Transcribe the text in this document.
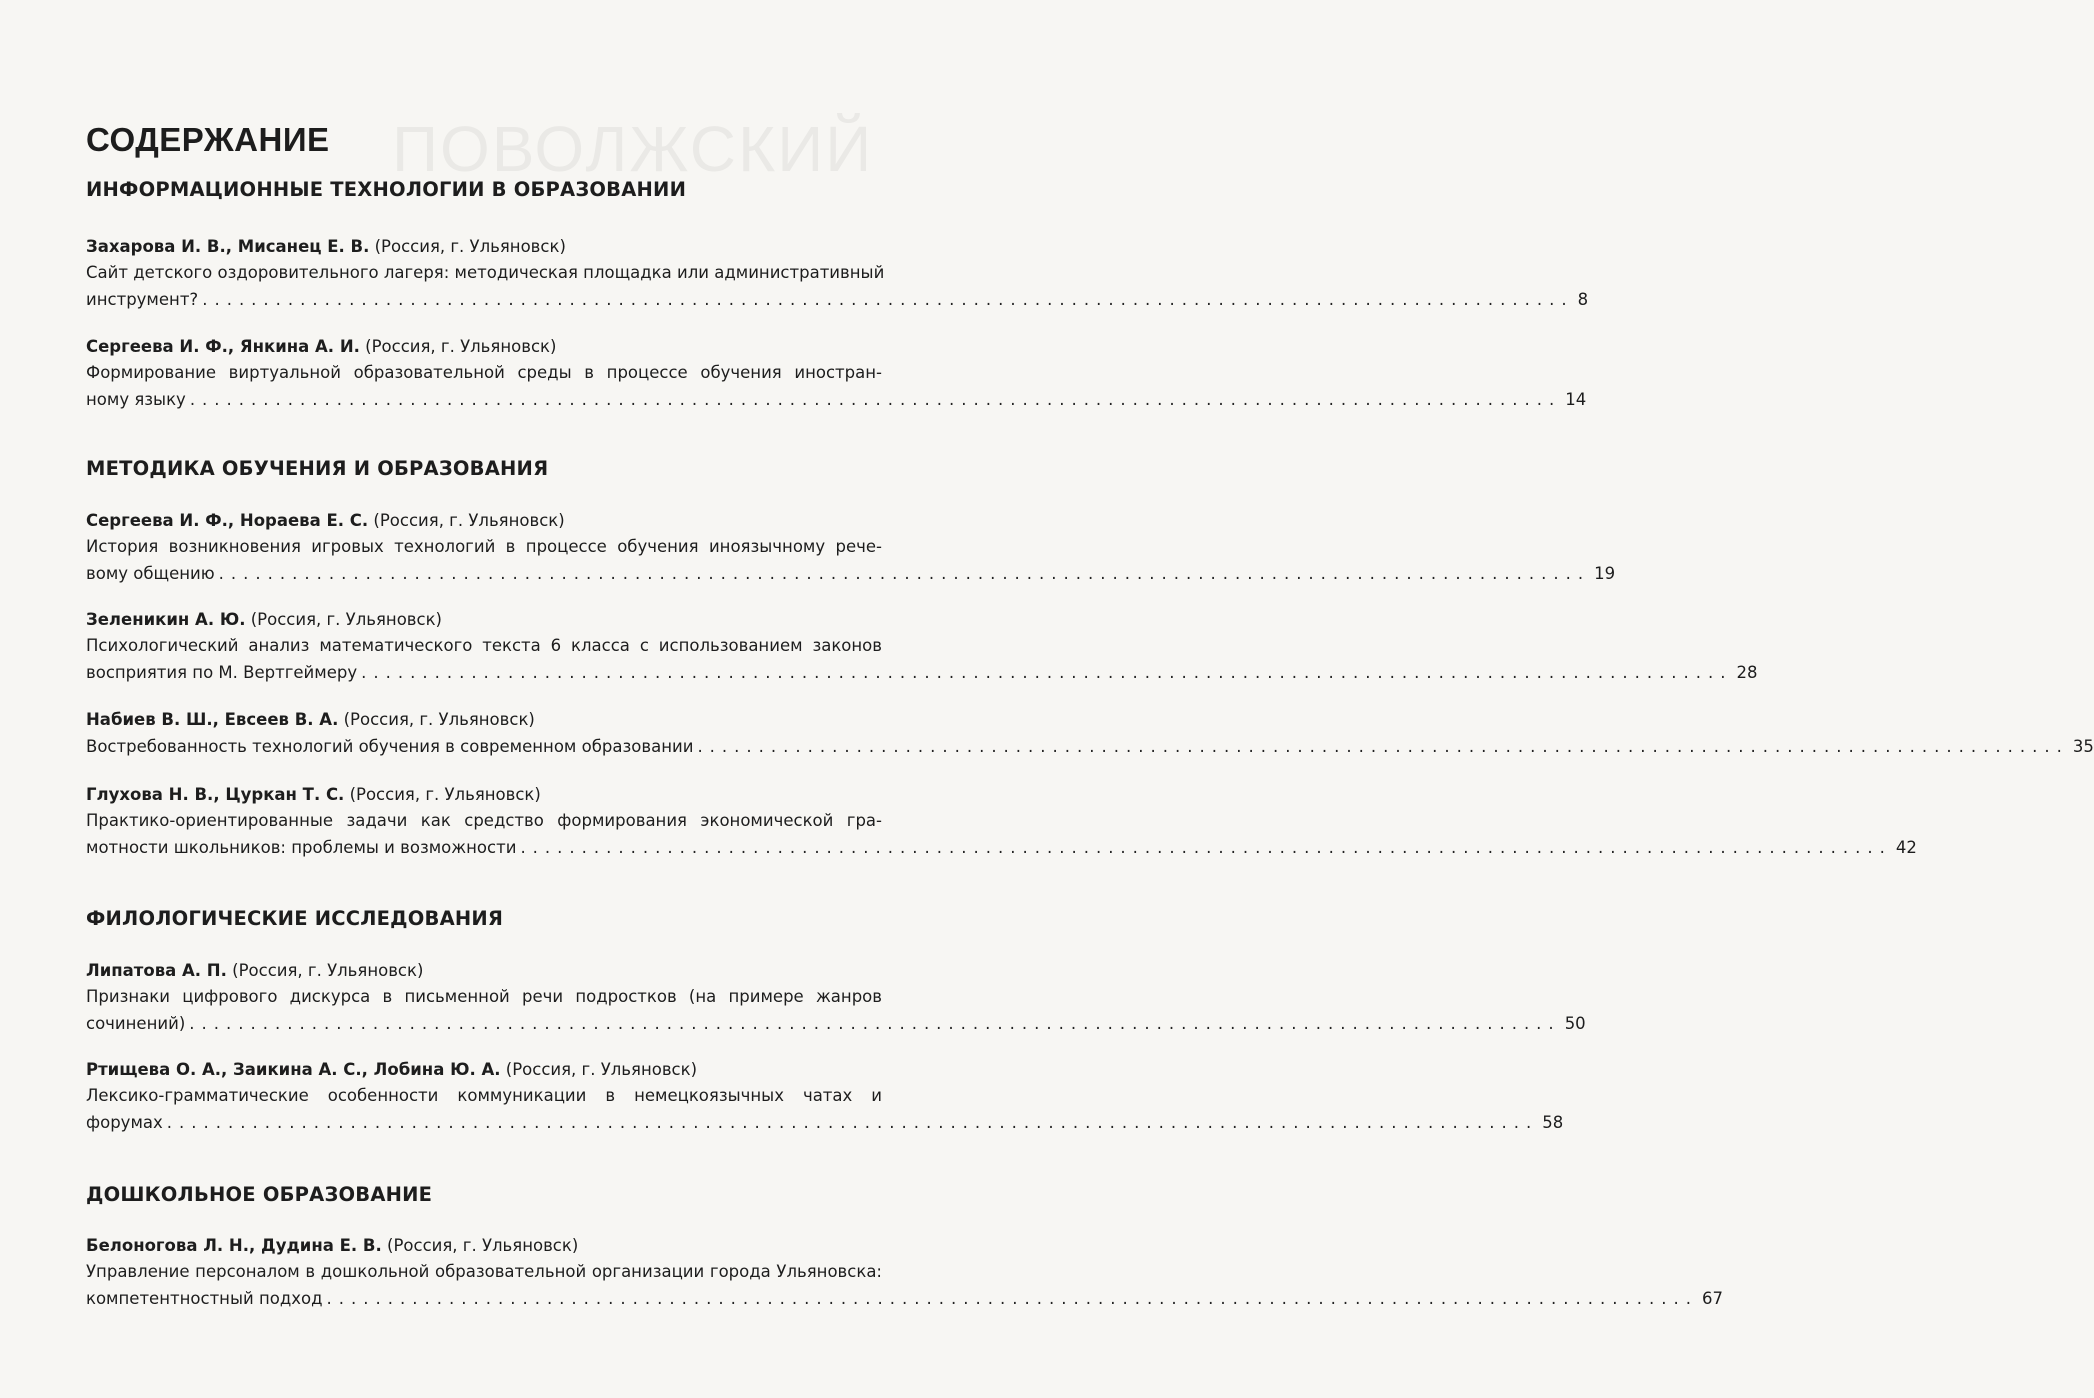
ПОВОЛЖСКИЙ
СОДЕРЖАНИЕ
ИНФОРМАЦИОННЫЕ ТЕХНОЛОГИИ В ОБРАЗОВАНИИ
Захарова И. В., Мисанец Е. В. (Россия, г. Ульяновск)
Сайт детского оздоровительного лагеря: методическая площадка или административный
инструмент? ................................................................................................................ 8
Сергеева И. Ф., Янкина А. И. (Россия, г. Ульяновск)
Формирование виртуальной образовательной среды в процессе обучения иностран-
ному языку ................................................................................................................ 14
МЕТОДИКА ОБУЧЕНИЯ И ОБРАЗОВАНИЯ
Сергеева И. Ф., Нораева Е. С. (Россия, г. Ульяновск)
История возникновения игровых технологий в процессе обучения иноязычному рече-
вому общению ................................................................................................................ 19
Зеленикин А. Ю. (Россия, г. Ульяновск)
Психологический анализ математического текста 6 класса с использованием законов
восприятия по М. Вертгеймеру ................................................................................................................ 28
Набиев В. Ш., Евсеев В. А. (Россия, г. Ульяновск)
Востребованность технологий обучения в современном образовании ................................................................................................................ 35
Глухова Н. В., Цуркан Т. С. (Россия, г. Ульяновск)
Практико-ориентированные задачи как средство формирования экономической гра-
мотности школьников: проблемы и возможности ................................................................................................................ 42
ФИЛОЛОГИЧЕСКИЕ ИССЛЕДОВАНИЯ
Липатова А. П. (Россия, г. Ульяновск)
Признаки цифрового дискурса в письменной речи подростков (на примере жанров
сочинений) ................................................................................................................ 50
Ртищева О. А., Заикина А. С., Лобина Ю. А. (Россия, г. Ульяновск)
Лексико-грамматические особенности коммуникации в немецкоязычных чатах и
форумах ................................................................................................................ 58
ДОШКОЛЬНОЕ ОБРАЗОВАНИЕ
Белоногова Л. Н., Дудина Е. В. (Россия, г. Ульяновск)
Управление персоналом в дошкольной образовательной организации города Ульяновска:
компетентностный подход ................................................................................................................ 67
